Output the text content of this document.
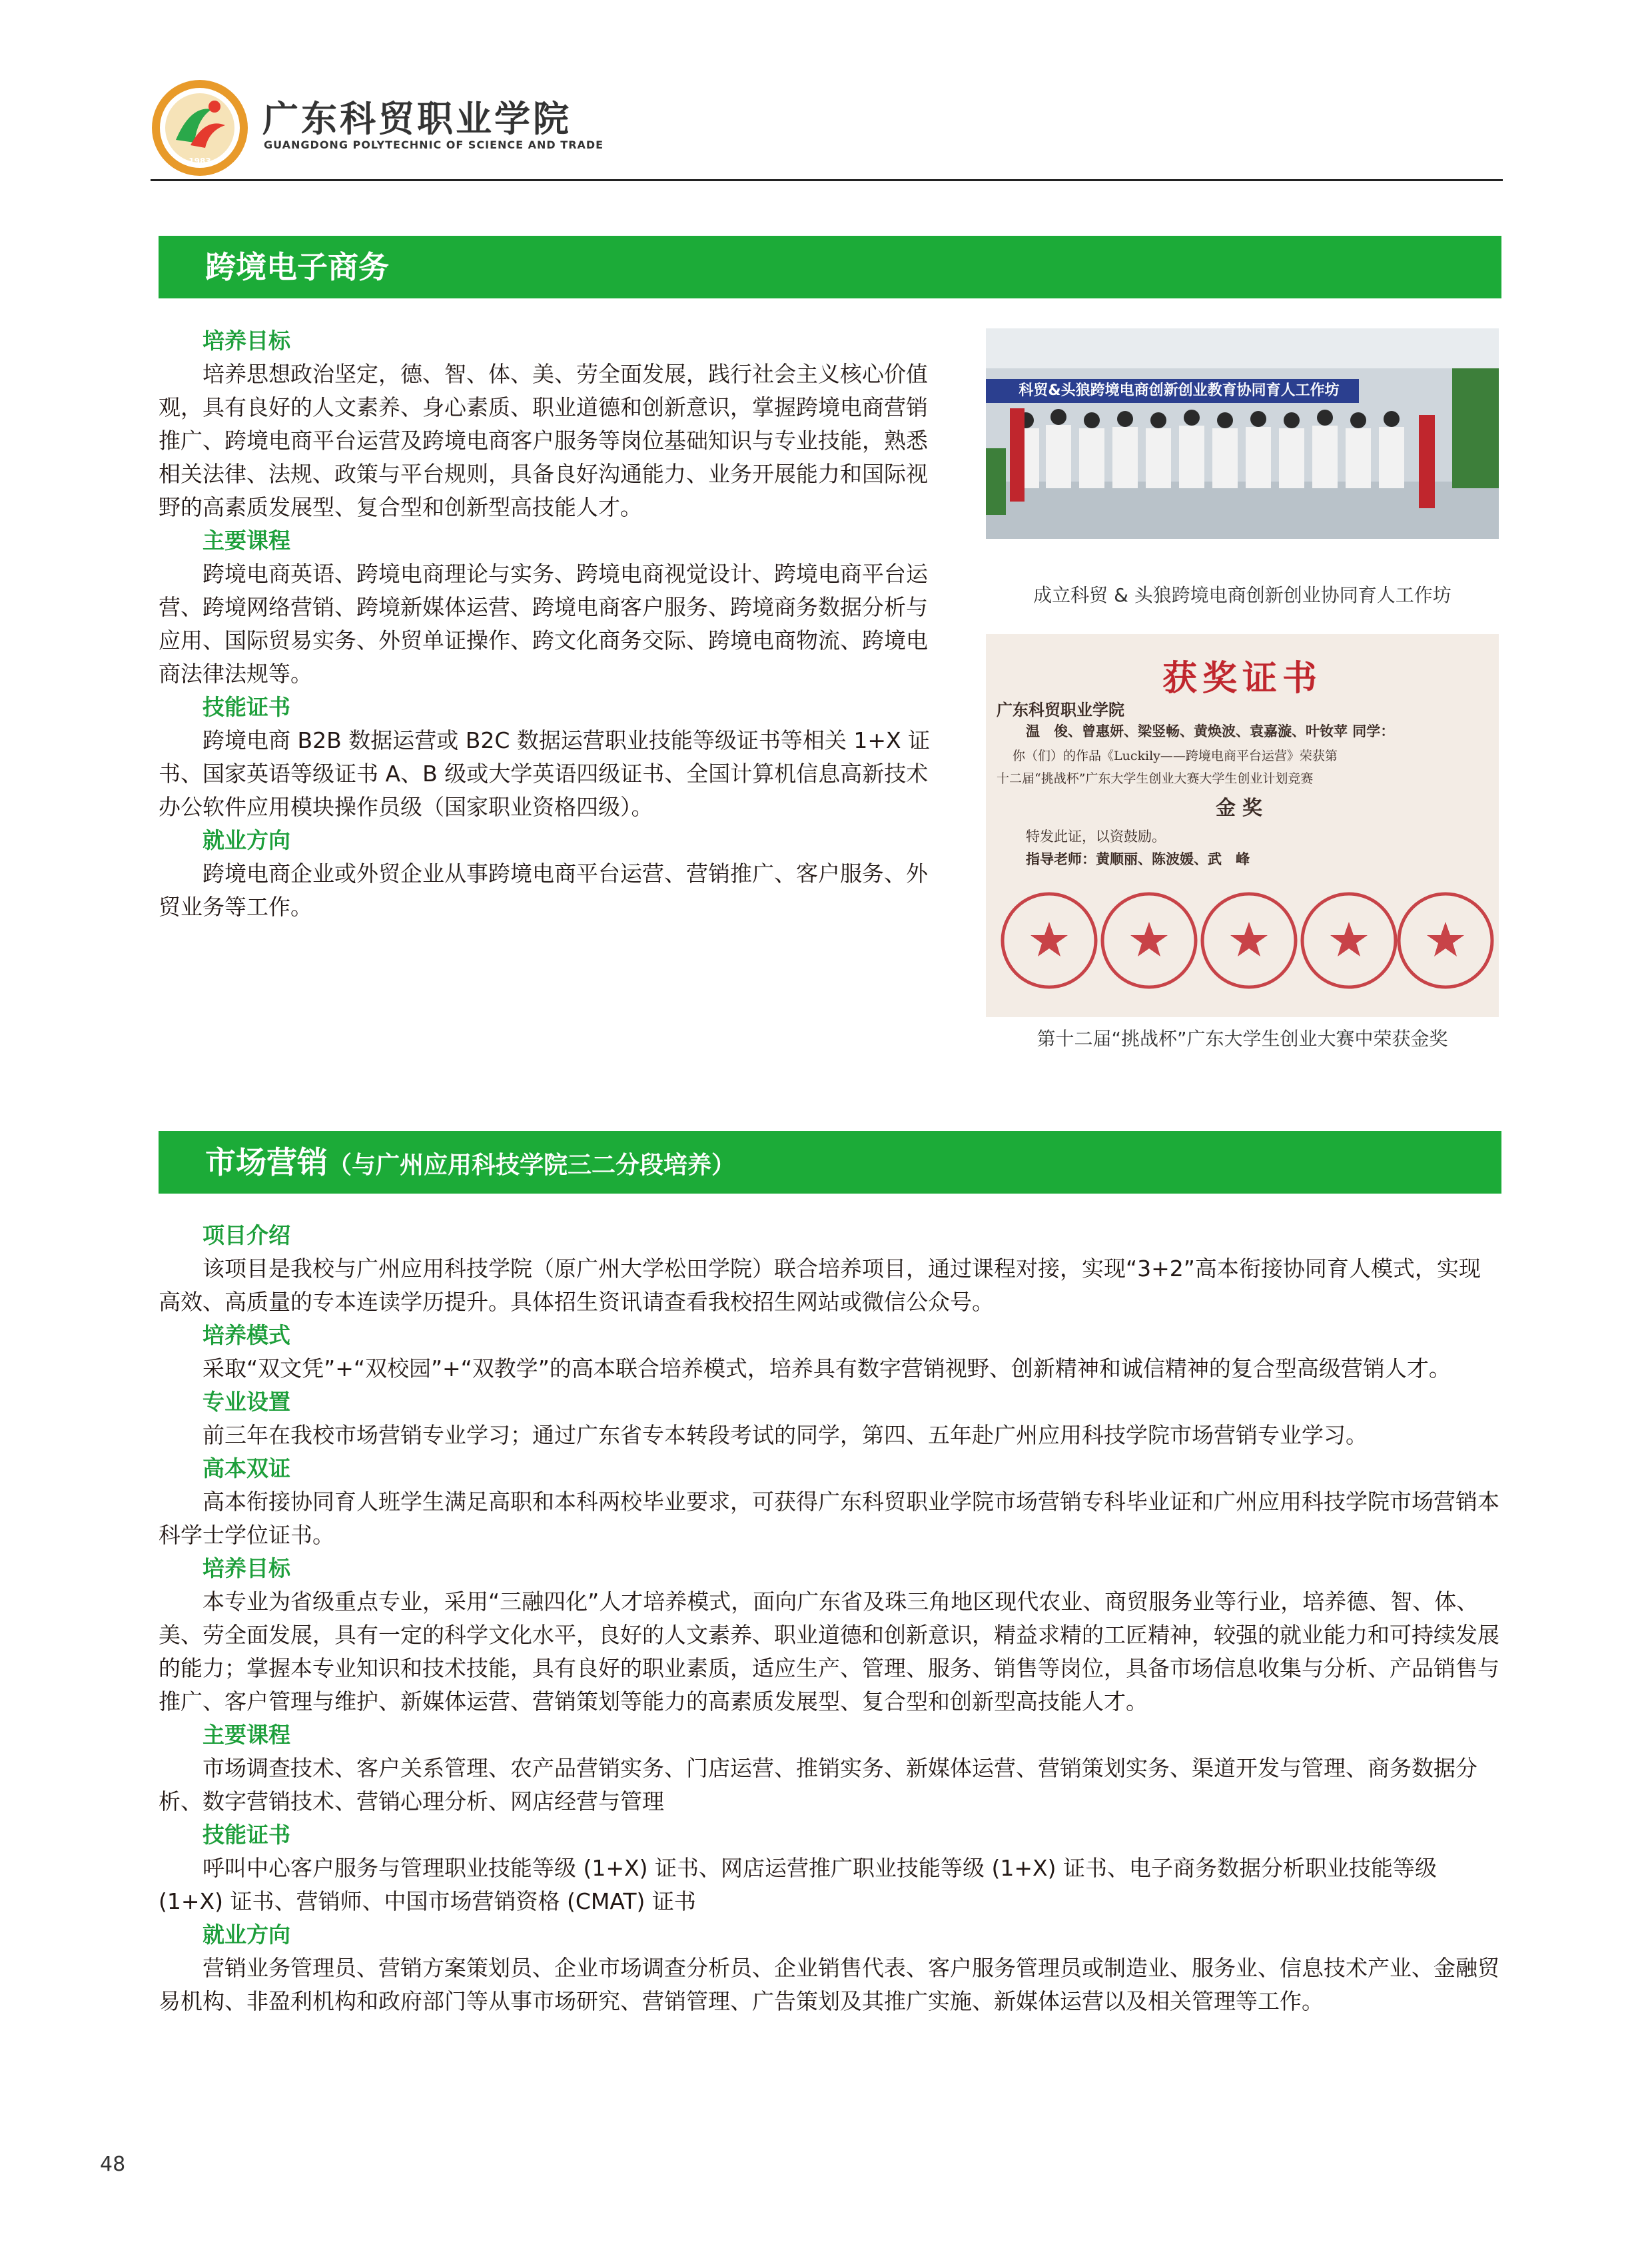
1983
广东科贸职业学院
GUANGDONG POLYTECHNIC OF SCIENCE AND TRADE
跨境电子商务

培养目标

培养思想政治坚定，德、智、体、美、劳全面发展，践行社会主义核心价值观，具有良好的人文素养、身心素质、职业道德和创新意识，掌握跨境电商营销推广、跨境电商平台运营及跨境电商客户服务等岗位基础知识与专业技能，熟悉相关法律、法规、政策与平台规则，具备良好沟通能力、业务开展能力和国际视野的高素质发展型、复合型和创新型高技能人才。

主要课程

跨境电商英语、跨境电商理论与实务、跨境电商视觉设计、跨境电商平台运营、跨境网络营销、跨境新媒体运营、跨境电商客户服务、跨境商务数据分析与应用、国际贸易实务、外贸单证操作、跨文化商务交际、跨境电商物流、跨境电商法律法规等。

技能证书

跨境电商 B2B 数据运营或 B2C 数据运营职业技能等级证书等相关 1+X 证书、国家英语等级证书 A、B 级或大学英语四级证书、全国计算机信息高新技术办公软件应用模块操作员级（国家职业资格四级）。

就业方向

跨境电商企业或外贸企业从事跨境电商平台运营、营销推广、客户服务、外贸业务等工作。

科贸&头狼跨境电商创新创业教育协同育人工作坊
成立科贸 & 头狼跨境电商创新创业协同育人工作坊
获奖证书
广东科贸职业学院
温　俊、曾惠妍、梁竖畅、黄焕波、袁嘉漩、叶钕苹 同学：
你（们）的作品《Luckily——跨境电商平台运营》荣获第
十二届“挑战杯”广东大学生创业大赛大学生创业计划竞赛
金奖
特发此证，以资鼓励。
指导老师：黄顺丽、陈波媛、武　峰
第十二届“挑战杯”广东大学生创业大赛中荣获金奖
市场营销（与广州应用科技学院三二分段培养）

项目介绍

该项目是我校与广州应用科技学院（原广州大学松田学院）联合培养项目，通过课程对接，实现“3+2”高本衔接协同育人模式，实现高效、高质量的专本连读学历提升。具体招生资讯请查看我校招生网站或微信公众号。

培养模式

采取“双文凭”+“双校园”+“双教学”的高本联合培养模式，培养具有数字营销视野、创新精神和诚信精神的复合型高级营销人才。

专业设置

前三年在我校市场营销专业学习；通过广东省专本转段考试的同学，第四、五年赴广州应用科技学院市场营销专业学习。

高本双证

高本衔接协同育人班学生满足高职和本科两校毕业要求，可获得广东科贸职业学院市场营销专科毕业证和广州应用科技学院市场营销本科学士学位证书。

培养目标

本专业为省级重点专业，采用“三融四化”人才培养模式，面向广东省及珠三角地区现代农业、商贸服务业等行业，培养德、智、体、美、劳全面发展，具有一定的科学文化水平，良好的人文素养、职业道德和创新意识，精益求精的工匠精神，较强的就业能力和可持续发展的能力；掌握本专业知识和技术技能，具有良好的职业素质，适应生产、管理、服务、销售等岗位，具备市场信息收集与分析、产品销售与推广、客户管理与维护、新媒体运营、营销策划等能力的高素质发展型、复合型和创新型高技能人才。

主要课程

市场调查技术、客户关系管理、农产品营销实务、门店运营、推销实务、新媒体运营、营销策划实务、渠道开发与管理、商务数据分析、数字营销技术、营销心理分析、网店经营与管理

技能证书

呼叫中心客户服务与管理职业技能等级 (1+X) 证书、网店运营推广职业技能等级 (1+X) 证书、电子商务数据分析职业技能等级 (1+X) 证书、营销师、中国市场营销资格 (CMAT) 证书

就业方向

营销业务管理员、营销方案策划员、企业市场调查分析员、企业销售代表、客户服务管理员或制造业、服务业、信息技术产业、金融贸易机构、非盈利机构和政府部门等从事市场研究、营销管理、广告策划及其推广实施、新媒体运营以及相关管理等工作。

48
